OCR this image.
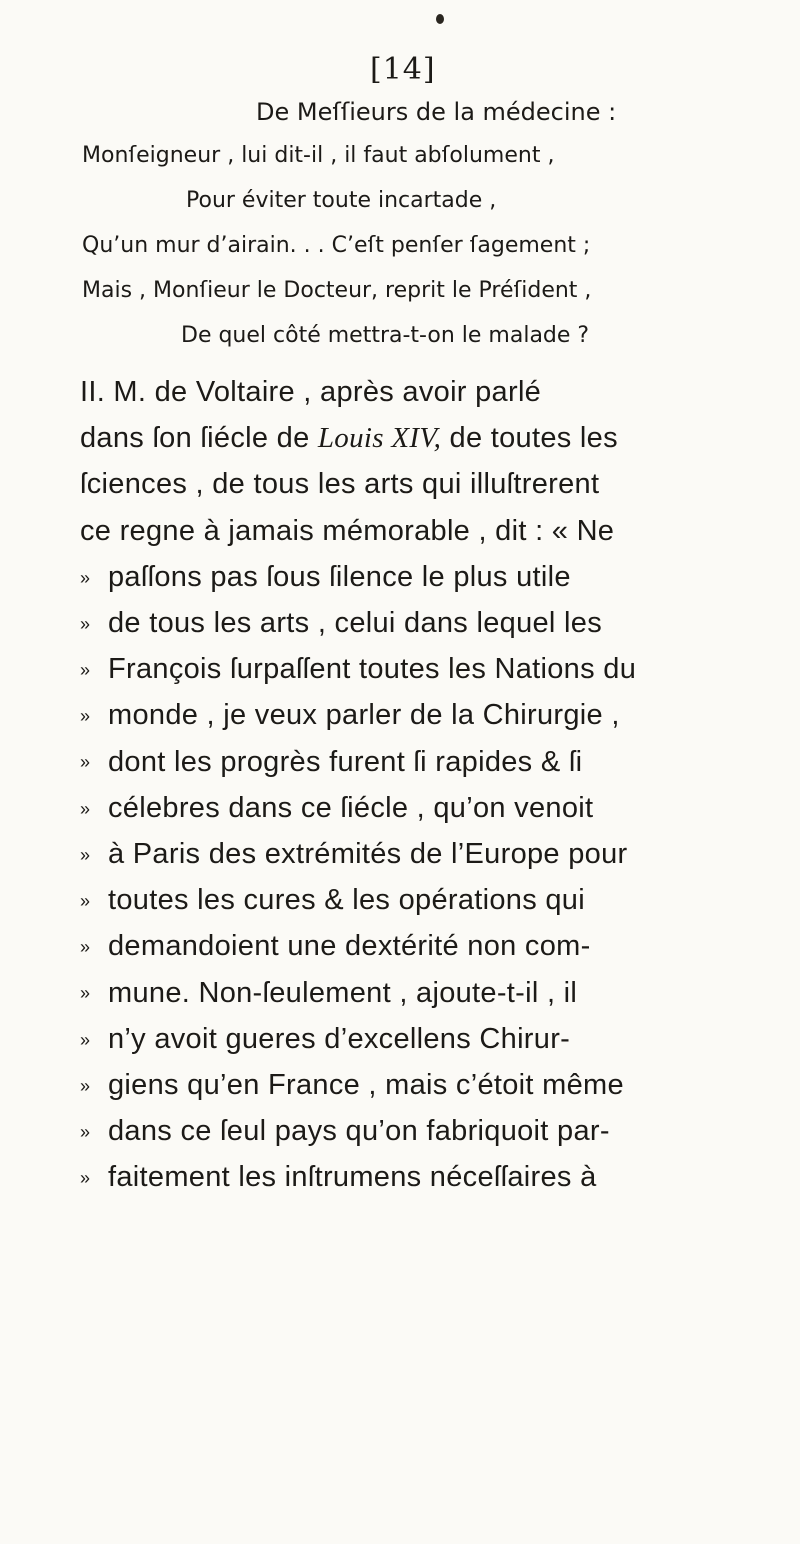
[14]
De Meſſieurs de la médecine :
Monſeigneur , lui dit-il , il faut abſolument ,
Pour éviter toute incartade ,
Qu’un mur d’airain. . . C’eſt penſer ſagement ;
Mais , Monſieur le Docteur, reprit le Préſident ,
De quel côté mettra-t-on le malade ?
II. M. de Voltaire , après avoir parlé
dans ſon ſiécle de Louis XIV, de toutes les
ſciences , de tous les arts qui illuſtrerent
ce regne à jamais mémorable , dit : « Ne
» paſſons pas ſous ſilence le plus utile
» de tous les arts , celui dans lequel les
» François ſurpaſſent toutes les Nations du
» monde , je veux parler de la Chirurgie ,
» dont les progrès furent ſi rapides & ſi
» célebres dans ce ſiécle , qu’on venoit
» à Paris des extrémités de l’Europe pour
» toutes les cures & les opérations qui
» demandoient une dextérité non com-
» mune. Non-ſeulement , ajoute-t-il , il
» n’y avoit gueres d’excellens Chirur-
» giens qu’en France , mais c’étoit même
» dans ce ſeul pays qu’on fabriquoit par-
» faitement les inſtrumens néceſſaires à
